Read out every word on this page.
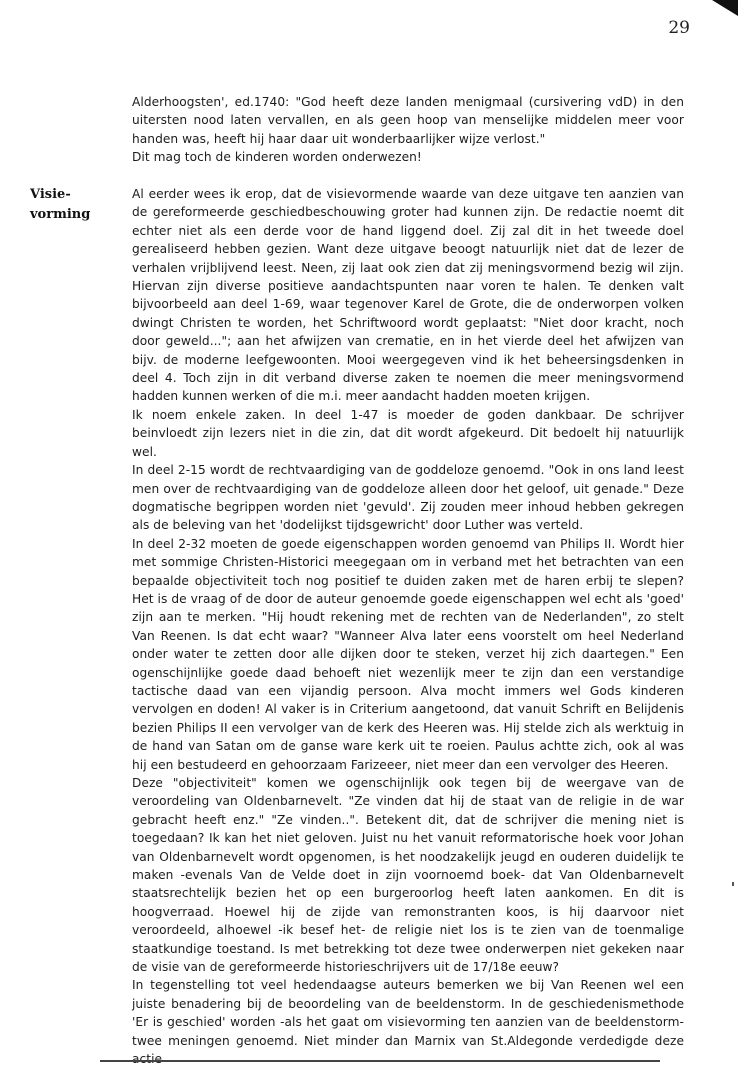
29
Visie-
vorming

Alderhoogsten', ed.1740: "God heeft deze landen menigmaal (cursivering vdD) in den uitersten nood laten vervallen, en als geen hoop van menselijke middelen meer voor handen was, heeft hij haar daar uit wonderbaarlijker wijze verlost."

Dit mag toch de kinderen worden onderwezen!

Al eerder wees ik erop, dat de visievormende waarde van deze uitgave ten aanzien van de gereformeerde geschiedbeschouwing groter had kunnen zijn. De redactie noemt dit echter niet als een derde voor de hand liggend doel. Zij zal dit in het tweede doel gerealiseerd hebben gezien. Want deze uitgave beoogt natuurlijk niet dat de lezer de verhalen vrijblijvend leest. Neen, zij laat ook zien dat zij meningsvormend bezig wil zijn. Hiervan zijn diverse positieve aandachtspunten naar voren te halen. Te denken valt bijvoorbeeld aan deel 1-69, waar tegenover Karel de Grote, die de onderworpen volken dwingt Christen te worden, het Schriftwoord wordt geplaatst: "Niet door kracht, noch door geweld..."; aan het afwijzen van crematie, en in het vierde deel het afwijzen van bijv. de moderne leefgewoonten. Mooi weergegeven vind ik het beheersingsdenken in deel 4. Toch zijn in dit verband diverse zaken te noemen die meer meningsvormend hadden kunnen werken of die m.i. meer aandacht hadden moeten krijgen.

Ik noem enkele zaken. In deel 1-47 is moeder de goden dankbaar. De schrijver beinvloedt zijn lezers niet in die zin, dat dit wordt afgekeurd. Dit bedoelt hij natuurlijk wel.

In deel 2-15 wordt de rechtvaardiging van de goddeloze genoemd. "Ook in ons land leest men over de rechtvaardiging van de goddeloze alleen door het geloof, uit genade." Deze dogmatische begrippen worden niet 'gevuld'. Zij zouden meer inhoud hebben gekregen als de beleving van het 'dodelijkst tijdsgewricht' door Luther was verteld.

In deel 2-32 moeten de goede eigenschappen worden genoemd van Philips II. Wordt hier met sommige Christen-Historici meegegaan om in verband met het betrachten van een bepaalde objectiviteit toch nog positief te duiden zaken met de haren erbij te slepen? Het is de vraag of de door de auteur genoemde goede eigenschappen wel echt als 'goed' zijn aan te merken. "Hij houdt rekening met de rechten van de Nederlanden", zo stelt Van Reenen. Is dat echt waar? "Wanneer Alva later eens voorstelt om heel Nederland onder water te zetten door alle dijken door te steken, verzet hij zich daartegen." Een ogenschijnlijke goede daad behoeft niet wezenlijk meer te zijn dan een verstandige tactische daad van een vijandig persoon. Alva mocht immers wel Gods kinderen vervolgen en doden! Al vaker is in Criterium aangetoond, dat vanuit Schrift en Belijdenis bezien Philips II een vervolger van de kerk des Heeren was. Hij stelde zich als werktuig in de hand van Satan om de ganse ware kerk uit te roeien. Paulus achtte zich, ook al was hij een bestudeerd en gehoorzaam Farizeeer, niet meer dan een vervolger des Heeren.

Deze "objectiviteit" komen we ogenschijnlijk ook tegen bij de weergave van de veroordeling van Oldenbarnevelt. "Ze vinden dat hij de staat van de religie in de war gebracht heeft enz." "Ze vinden..". Betekent dit, dat de schrijver die mening niet is toegedaan? Ik kan het niet geloven. Juist nu het vanuit reformatorische hoek voor Johan van Oldenbarnevelt wordt opgenomen, is het noodzakelijk jeugd en ouderen duidelijk te maken -evenals Van de Velde doet in zijn voornoemd boek- dat Van Oldenbarnevelt staatsrechtelijk bezien het op een burgeroorlog heeft laten aankomen. En dit is hoogverraad. Hoewel hij de zijde van remonstranten koos, is hij daarvoor niet veroordeeld, alhoewel -ik besef het- de religie niet los is te zien van de toenmalige staatkundige toestand. Is met betrekking tot deze twee onderwerpen niet gekeken naar de visie van de gereformeerde historieschrijvers uit de 17/18e eeuw?

In tegenstelling tot veel hedendaagse auteurs bemerken we bij Van Reenen wel een juiste benadering bij de beoordeling van de beeldenstorm. In de geschiedenismethode 'Er is geschied' worden -als het gaat om visievorming ten aanzien van de beeldenstorm- twee meningen genoemd. Niet minder dan Marnix van St.Aldegonde verdedigde deze
